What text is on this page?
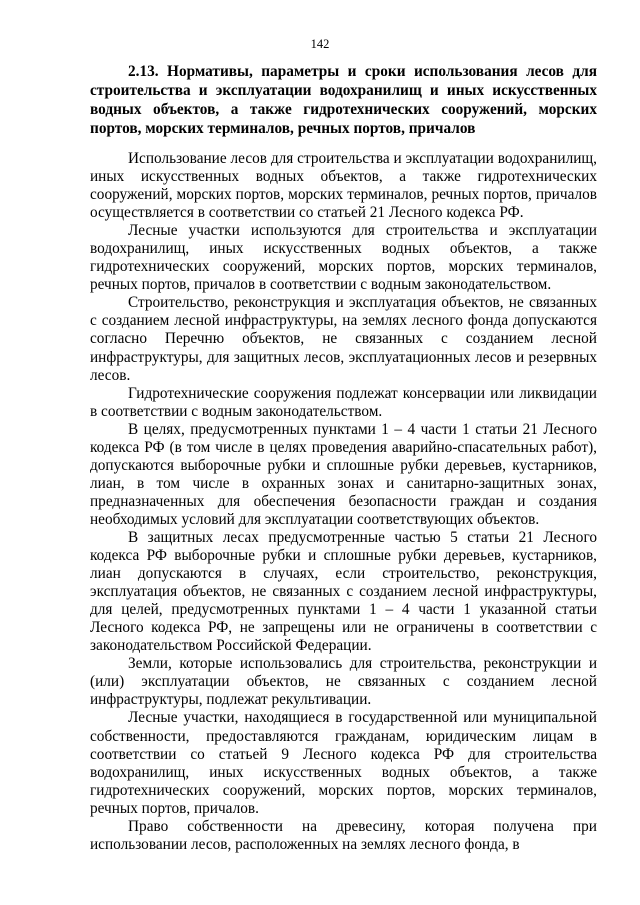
142
2.13. Нормативы, параметры и сроки использования лесов для строительства и эксплуатации водохранилищ и иных искусственных водных объектов, а также гидротехнических сооружений, морских портов, морских терминалов, речных портов, причалов

Использование лесов для строительства и эксплуатации водохранилищ, иных искусственных водных объектов, а также гидротехнических сооружений, морских портов, морских терминалов, речных портов, причалов осуществляется в соответствии со статьей 21 Лесного кодекса РФ.

Лесные участки используются для строительства и эксплуатации водохранилищ, иных искусственных водных объектов, а также гидротехнических сооружений, морских портов, морских терминалов, речных портов, причалов в соответствии с водным законодательством.

Строительство, реконструкция и эксплуатация объектов, не связанных с созданием лесной инфраструктуры, на землях лесного фонда допускаются согласно Перечню объектов, не связанных с созданием лесной инфраструктуры, для защитных лесов, эксплуатационных лесов и резервных лесов.

Гидротехнические сооружения подлежат консервации или ликвидации в соответствии с водным законодательством.

В целях, предусмотренных пунктами 1 – 4 части 1 статьи 21 Лесного кодекса РФ (в том числе в целях проведения аварийно-спасательных работ), допускаются выборочные рубки и сплошные рубки деревьев, кустарников, лиан, в том числе в охранных зонах и санитарно-защитных зонах, предназначенных для обеспечения безопасности граждан и создания необходимых условий для эксплуатации соответствующих объектов.

В защитных лесах предусмотренные частью 5 статьи 21 Лесного кодекса РФ выборочные рубки и сплошные рубки деревьев, кустарников, лиан допускаются в случаях, если строительство, реконструкция, эксплуатация объектов, не связанных с созданием лесной инфраструктуры, для целей, предусмотренных пунктами 1 – 4 части 1 указанной статьи Лесного кодекса РФ, не запрещены или не ограничены в соответствии с законодательством Российской Федерации.

Земли, которые использовались для строительства, реконструкции и (или) эксплуатации объектов, не связанных с созданием лесной инфраструктуры, подлежат рекультивации.

Лесные участки, находящиеся в государственной или муниципальной собственности, предоставляются гражданам, юридическим лицам в соответствии со статьей 9 Лесного кодекса РФ для строительства водохранилищ, иных искусственных водных объектов, а также гидротехнических сооружений, морских портов, морских терминалов, речных портов, причалов.

Право собственности на древесину, которая получена при использовании лесов, расположенных на землях лесного фонда, в
